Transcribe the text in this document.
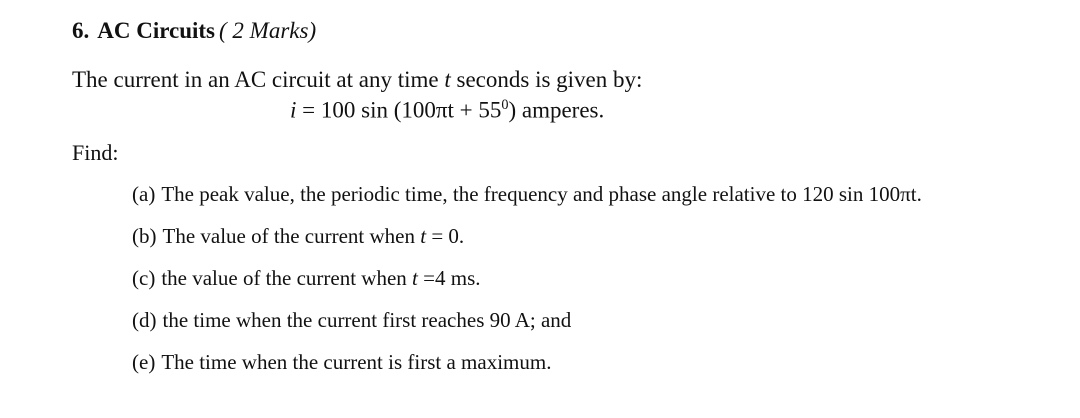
6. AC Circuits ( 2 Marks)
The current in an AC circuit at any time t seconds is given by:
i = 100 $\sin (100\pi t + 55^0)$ amperes.
Find:
(a) The peak value, the periodic time, the frequency and phase angle relative to 120 sin 100πt.
(b) The value of the current when t = 0.
(c) the value of the current when t =4 ms.
(d) the time when the current first reaches 90 A; and
(e) The time when the current is first a maximum.
